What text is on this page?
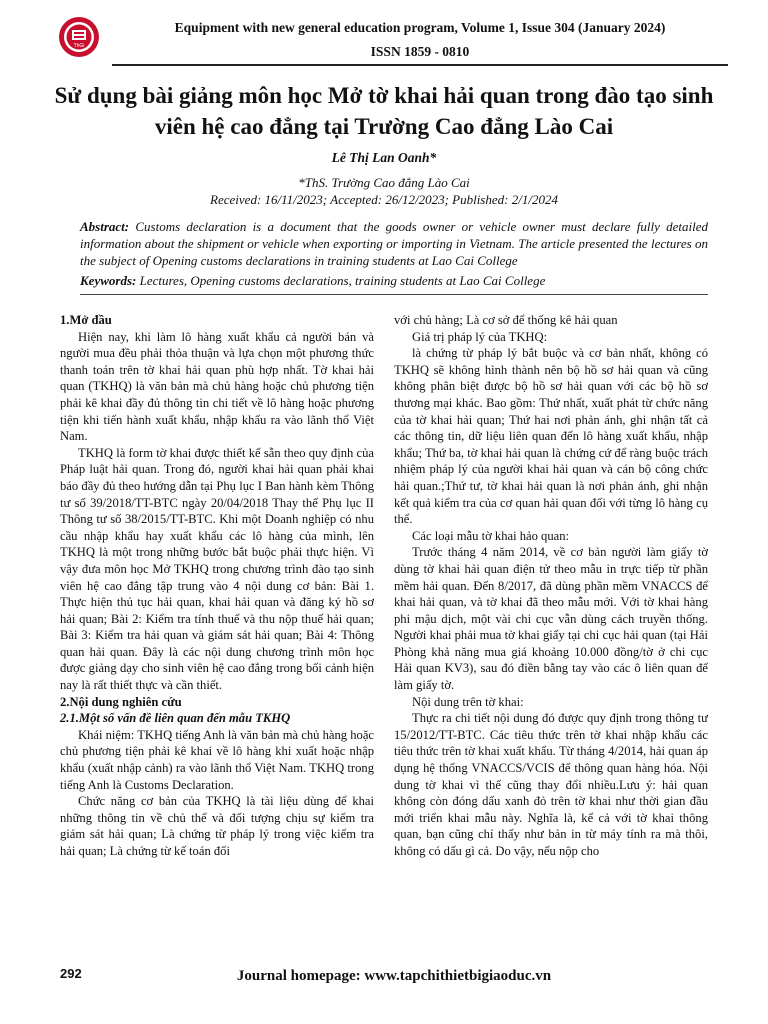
ThGi
Equipment with new general education program, Volume 1, Issue 304 (January 2024)
ISSN 1859 - 0810
Sử dụng bài giảng môn học Mở tờ khai hải quan trong đào tạo sinh viên hệ cao đẳng tại Trường Cao đẳng Lào Cai
Lê Thị Lan Oanh*
*ThS. Trường Cao đẳng Lào Cai
Received: 16/11/2023; Accepted: 26/12/2023; Published: 2/1/2024
Abstract: Customs declaration is a document that the goods owner or vehicle owner must declare fully detailed information about the shipment or vehicle when exporting or importing in Vietnam. The article presented the lectures on the subject of Opening customs declarations in training students at Lao Cai College
Keywords: Lectures, Opening customs declarations, training students at Lao Cai College
1.Mở đầu

Hiện nay, khi làm lô hàng xuất khẩu cả người bán và người mua đều phải thỏa thuận và lựa chọn một phương thức thanh toán trên tờ khai hải quan phù hợp nhất. Tờ khai hải quan (TKHQ) là văn bản mà chủ hàng hoặc chủ phương tiện phải kê khai đầy đủ thông tin chi tiết về lô hàng hoặc phương tiện khi tiến hành xuất khẩu, nhập khẩu ra vào lãnh thổ Việt Nam.

TKHQ là form tờ khai được thiết kế sẵn theo quy định của Pháp luật hải quan. Trong đó, người khai hải quan phải khai báo đầy đủ theo hướng dẫn tại Phụ lục I Ban hành kèm Thông tư số 39/2018/TT-BTC ngày 20/04/2018 Thay thế Phụ lục II Thông tư số 38/2015/TT-BTC. Khi một Doanh nghiệp có nhu cầu nhập khẩu hay xuất khẩu các lô hàng của mình, lên TKHQ là một trong những bước bắt buộc phải thực hiện. Vì vậy đưa môn học Mở TKHQ trong chương trình đào tạo sinh viên hệ cao đẳng tập trung vào 4 nội dung cơ bản: Bài 1. Thực hiện thủ tục hải quan, khai hải quan và đăng ký hồ sơ hải quan; Bài 2: Kiểm tra tính thuế và thu nộp thuế hải quan; Bài 3: Kiểm tra hải quan và giám sát hải quan; Bài 4: Thông quan hải quan. Đây là các nội dung chương trình môn học được giảng dạy cho sinh viên hệ cao đẳng trong bối cảnh hiện nay là rất thiết thực và cần thiết.

2.Nội dung nghiên cứu
2.1.Một số vấn đề liên quan đến mẫu TKHQ

Khái niệm: TKHQ tiếng Anh là văn bản mà chủ hàng hoặc chủ phương tiện phải kê khai về lô hàng khi xuất hoặc nhập khẩu (xuất nhập cảnh) ra vào lãnh thổ Việt Nam. TKHQ trong tiếng Anh là Customs Declaration.

Chức năng cơ bản của TKHQ là tài liệu dùng để khai những thông tin về chủ thể và đối tượng chịu sự kiểm tra giám sát hải quan; Là chứng từ pháp lý trong việc kiểm tra hải quan; Là chứng từ kế toán đối

với chủ hàng; Là cơ sở để thống kê hải quan

Giá trị pháp lý của TKHQ:

là chứng từ pháp lý bắt buộc và cơ bản nhất, không có TKHQ sẽ không hình thành nên bộ hồ sơ hải quan và cũng không phân biệt được bộ hồ sơ hải quan với các bộ hồ sơ thương mại khác. Bao gồm: Thứ nhất, xuất phát từ chức năng của tờ khai hải quan; Thứ hai nơi phản ánh, ghi nhận tất cả các thông tin, dữ liệu liên quan đến lô hàng xuất khẩu, nhập khẩu; Thứ ba, tờ khai hải quan là chứng cứ để ràng buộc trách nhiệm pháp lý của người khai hải quan và cán bộ công chức hải quan.;Thứ tư, tờ khai hải quan là nơi phản ánh, ghi nhận kết quả kiểm tra của cơ quan hải quan đối với từng lô hàng cụ thể.

Các loại mẫu tờ khai hảo quan:

Trước tháng 4 năm 2014, về cơ bản người làm giấy tờ dùng tờ khai hải quan điện tử theo mẫu in trực tiếp từ phần mềm hải quan. Đến 8/2017, đã dùng phần mềm VNACCS để khai hải quan, và tờ khai đã theo mẫu mới. Với tờ khai hàng phi mậu dịch, một vài chi cục vẫn dùng cách truyền thống. Người khai phải mua tờ khai giấy tại chi cục hải quan (tại Hải Phòng khả năng mua giá khoảng 10.000 đồng/tờ ở chi cục Hải quan KV3), sau đó điền bằng tay vào các ô liên quan để làm giấy tờ.

Nội dung trên tờ khai:

Thực ra chi tiết nội dung đó được quy định trong thông tư 15/2012/TT-BTC. Các tiêu thức trên tờ khai nhập khẩu các tiêu thức trên tờ khai xuất khẩu. Từ tháng 4/2014, hải quan áp dụng hệ thống VNACCS/VCIS để thông quan hàng hóa. Nội dung tờ khai vì thế cũng thay đổi nhiều.Lưu ý: hải quan không còn đóng dấu xanh đỏ trên tờ khai như thời gian đầu mới triển khai mẫu này. Nghĩa là, kể cả với tờ khai thông quan, bạn cũng chỉ thấy như bản in từ máy tính ra mà thôi, không có dấu gì cả. Do vậy, nếu nộp cho

292	Journal homepage: www.tapchithietbigiaoduc.vn
